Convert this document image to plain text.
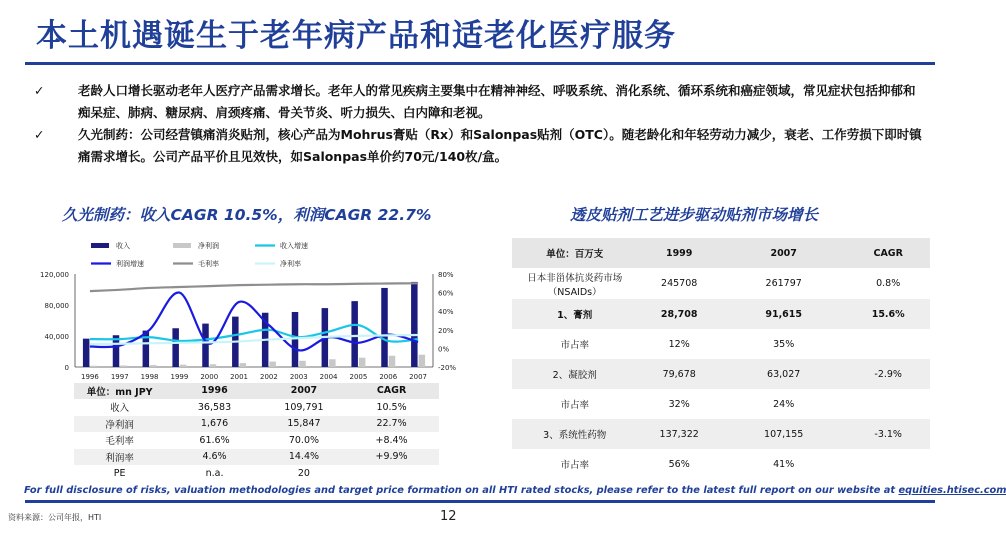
本土机遇诞生于老年病产品和适老化医疗服务
✓	老龄人口增长驱动老年人医疗产品需求增长。老年人的常见疾病主要集中在精神神经、呼吸系统、消化系统、循环系统和癌症领域，常见症状包括抑郁和痴呆症、肺病、糖尿病、肩颈疼痛、骨关节炎、听力损失、白内障和老视。
✓	久光制药：公司经营镇痛消炎贴剂，核心产品为Mohrus膏贴（Rx）和Salonpas贴剂（OTC）。随老龄化和年轻劳动力减少，衰老、工作劳损下即时镇痛需求增长。公司产品平价且见效快，如Salonpas单价约70元/140枚/盒。
久光制药：收入CAGR 10.5%，利润CAGR 22.7%	透皮贴剂工艺进步驱动贴剂市场增长
0
40,000
80,000
120,000
-20%
0%
20%
40%
60%
80%
1996 1997 1998 1999 2000 2001 2002 2003 2004 2005 2006 2007
收入	净利润	收入增速
利润增速	毛利率	净利率
单位：mn JPY	1996	2007	CAGR
收入	36,583	109,791	10.5%
净利润	1,676	15,847	22.7%
毛利率	61.6%	70.0%	+8.4%
利润率	4.6%	14.4%	+9.9%
PE	n.a.	20	
单位：百万支	1999	2007	CAGR
日本非甾体抗炎药市场（NSAIDs）	245708	261797	0.8%
1、膏剂	28,708	91,615	15.6%
市占率	12%	35%	
2、凝胶剂	79,678	63,027	-2.9%
市占率	32%	24%	
3、系统性药物	137,322	107,155	-3.1%
市占率	56%	41%	
For full disclosure of risks, valuation methodologies and target price formation on all HTI rated stocks, please refer to the latest full report on our website at equities.htisec.com
资料来源：公司年报，HTI	12
